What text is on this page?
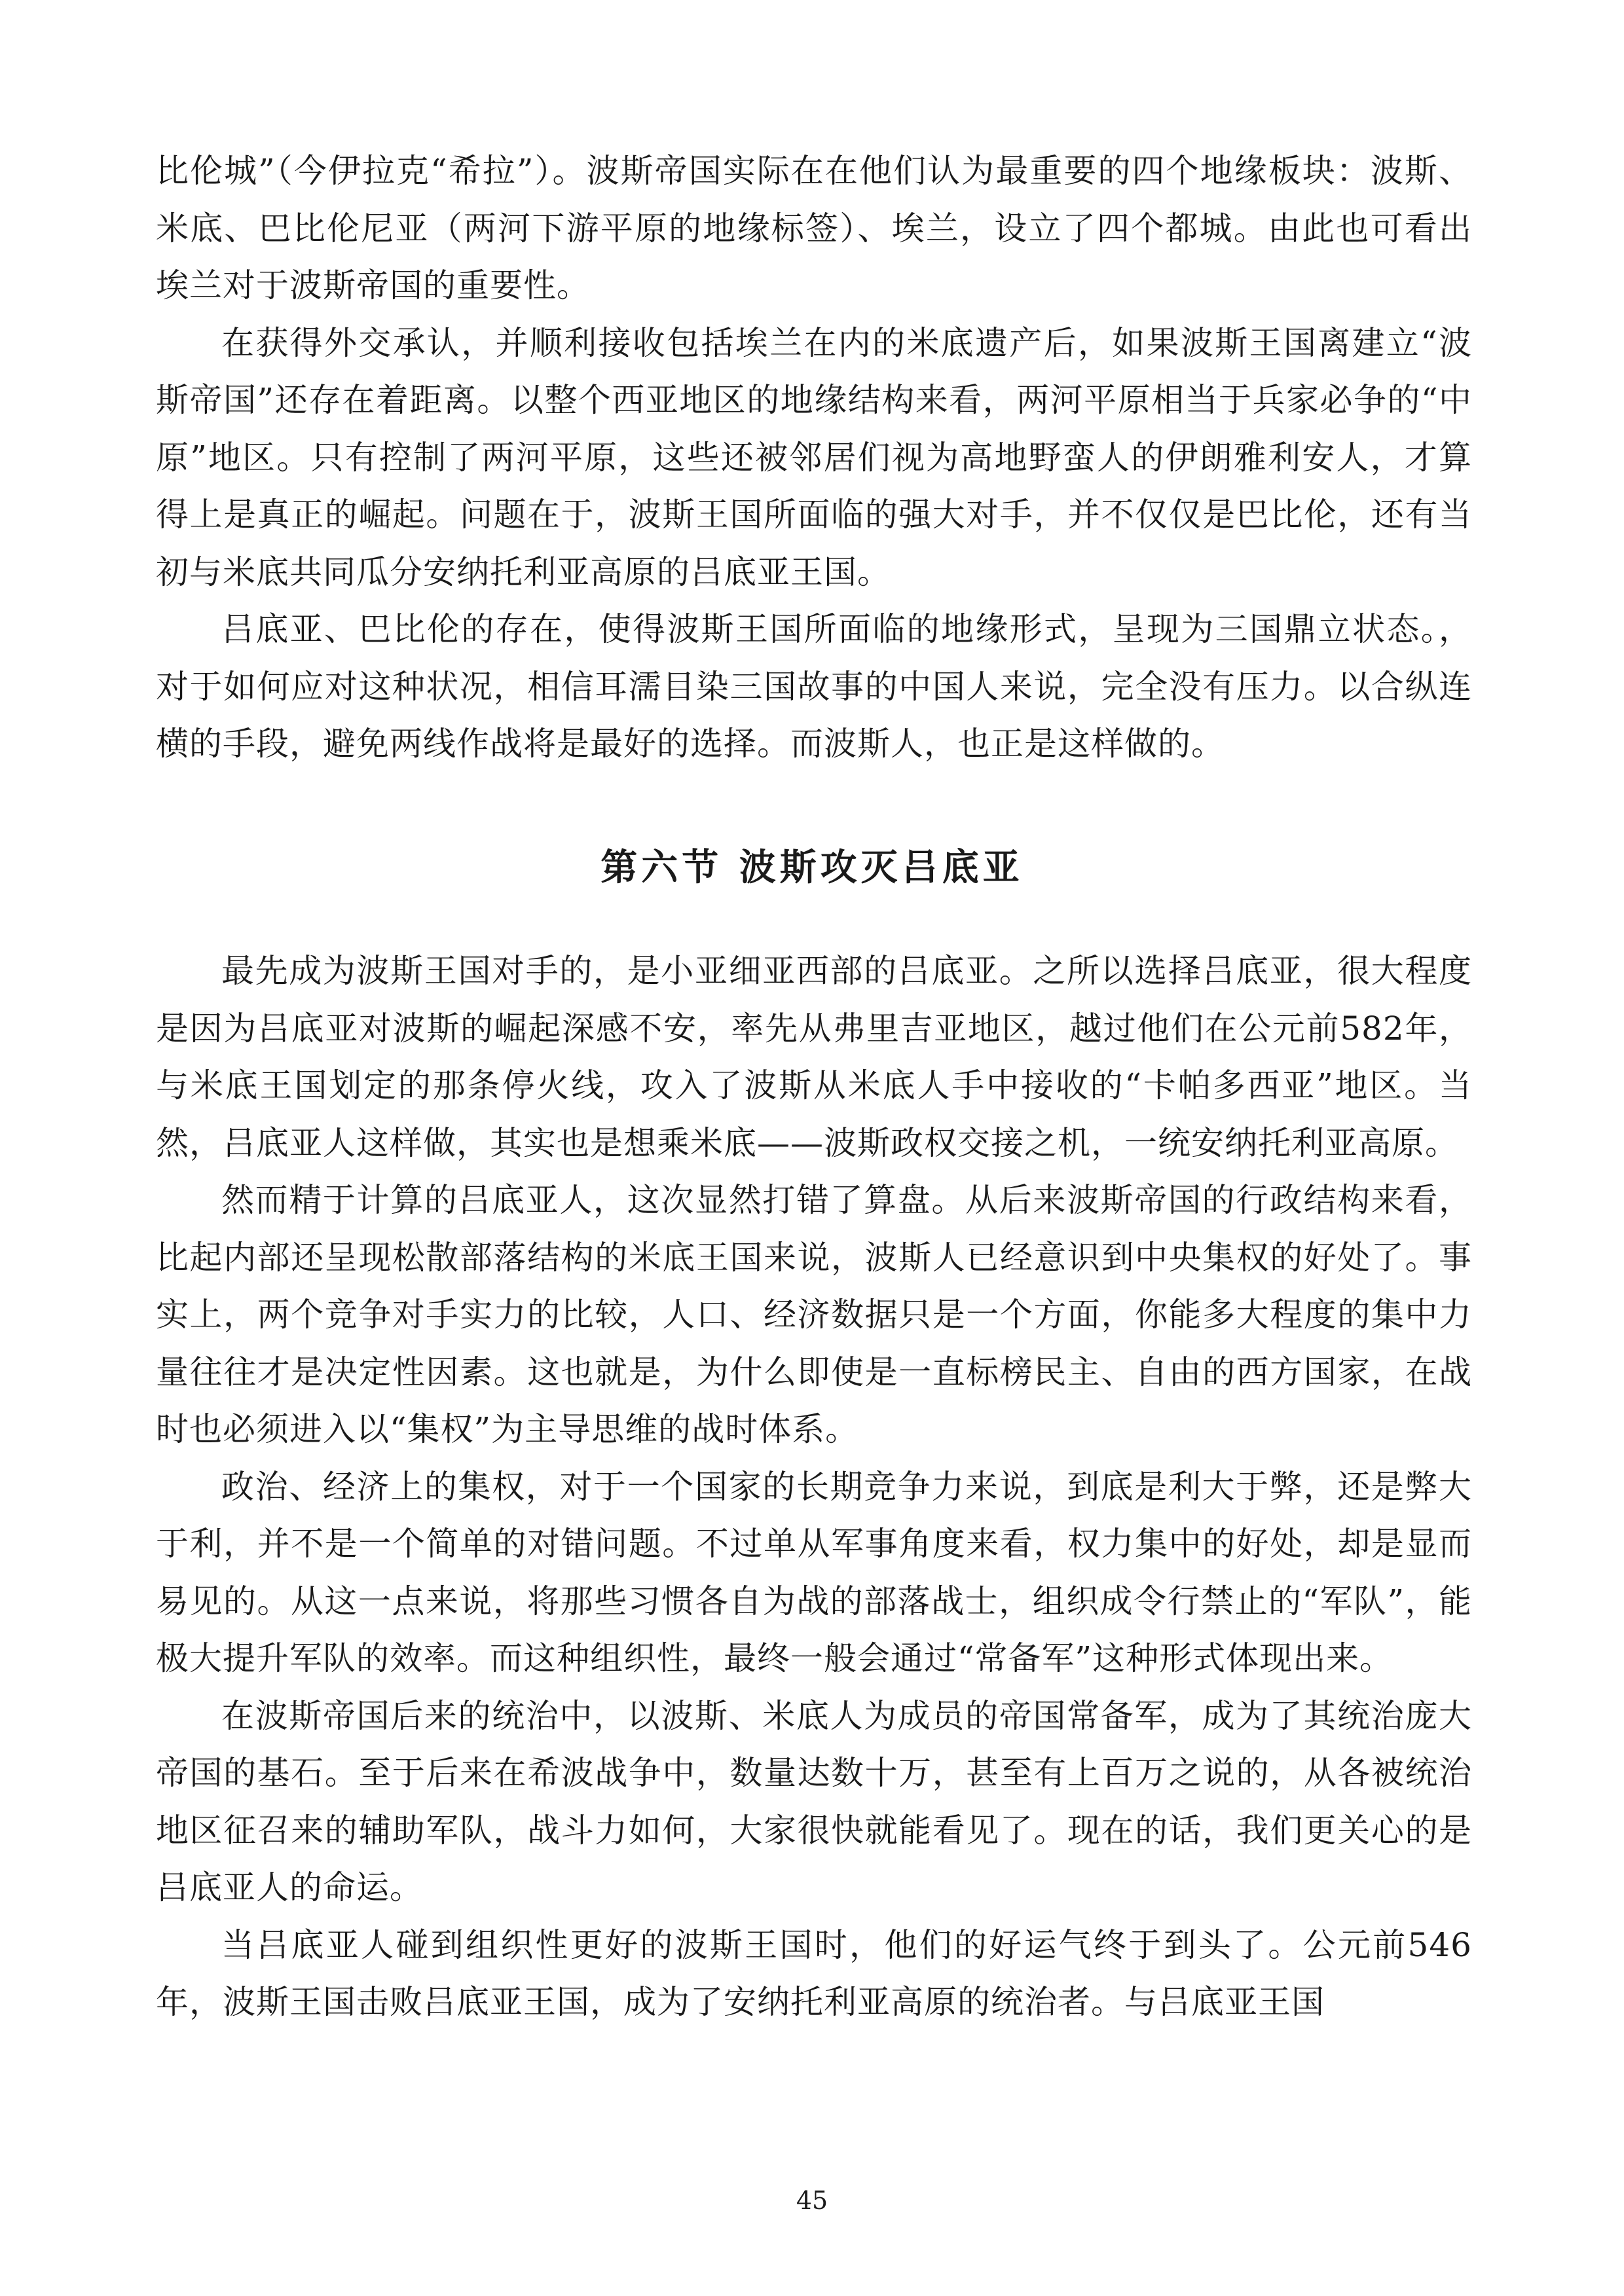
比伦城”（今伊拉克“希拉”）。波斯帝国实际在在他们认为最重要的四个地缘板块：波斯、米底、巴比伦尼亚（两河下游平原的地缘标签）、埃兰，设立了四个都城。由此也可看出埃兰对于波斯帝国的重要性。

在获得外交承认，并顺利接收包括埃兰在内的米底遗产后，如果波斯王国离建立“波斯帝国”还存在着距离。以整个西亚地区的地缘结构来看，两河平原相当于兵家必争的“中原”地区。只有控制了两河平原，这些还被邻居们视为高地野蛮人的伊朗雅利安人，才算得上是真正的崛起。问题在于，波斯王国所面临的强大对手，并不仅仅是巴比伦，还有当初与米底共同瓜分安纳托利亚高原的吕底亚王国。

吕底亚、巴比伦的存在，使得波斯王国所面临的地缘形式，呈现为三国鼎立状态。，对于如何应对这种状况，相信耳濡目染三国故事的中国人来说，完全没有压力。以合纵连横的手段，避免两线作战将是最好的选择。而波斯人，也正是这样做的。

第六节 波斯攻灭吕底亚

最先成为波斯王国对手的，是小亚细亚西部的吕底亚。之所以选择吕底亚，很大程度是因为吕底亚对波斯的崛起深感不安，率先从弗里吉亚地区，越过他们在公元前582年，与米底王国划定的那条停火线，攻入了波斯从米底人手中接收的“卡帕多西亚”地区。当然，吕底亚人这样做，其实也是想乘米底——波斯政权交接之机，一统安纳托利亚高原。

然而精于计算的吕底亚人，这次显然打错了算盘。从后来波斯帝国的行政结构来看，比起内部还呈现松散部落结构的米底王国来说，波斯人已经意识到中央集权的好处了。事实上，两个竞争对手实力的比较，人口、经济数据只是一个方面，你能多大程度的集中力量往往才是决定性因素。这也就是，为什么即使是一直标榜民主、自由的西方国家，在战时也必须进入以“集权”为主导思维的战时体系。

政治、经济上的集权，对于一个国家的长期竞争力来说，到底是利大于弊，还是弊大于利，并不是一个简单的对错问题。不过单从军事角度来看，权力集中的好处，却是显而易见的。从这一点来说，将那些习惯各自为战的部落战士，组织成令行禁止的“军队”，能极大提升军队的效率。而这种组织性，最终一般会通过“常备军”这种形式体现出来。

在波斯帝国后来的统治中，以波斯、米底人为成员的帝国常备军，成为了其统治庞大帝国的基石。至于后来在希波战争中，数量达数十万，甚至有上百万之说的，从各被统治地区征召来的辅助军队，战斗力如何，大家很快就能看见了。现在的话，我们更关心的是吕底亚人的命运。

当吕底亚人碰到组织性更好的波斯王国时，他们的好运气终于到头了。公元前546年，波斯王国击败吕底亚王国，成为了安纳托利亚高原的统治者。与吕底亚王国

45
